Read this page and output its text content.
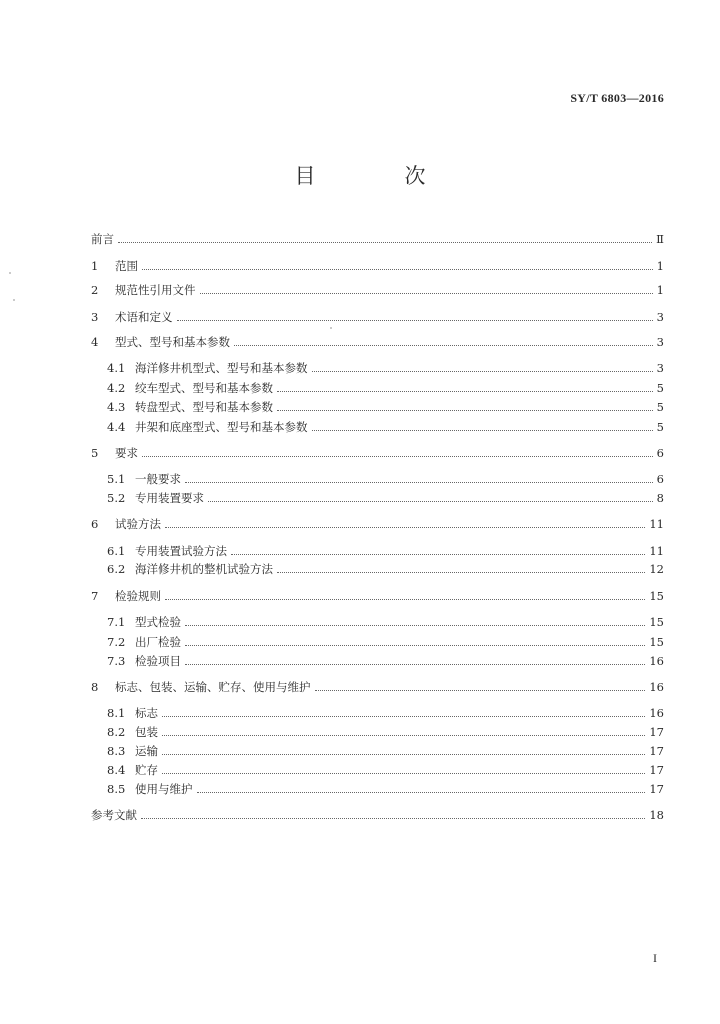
SY/T 6803—2016
目　次
前言	Ⅱ
1	范围	1
2	规范性引用文件	1
3	术语和定义	3
4	型式、型号和基本参数	3
4.1 海洋修井机型式、型号和基本参数	3
4.2 绞车型式、型号和基本参数	5
4.3 转盘型式、型号和基本参数	5
4.4 井架和底座型式、型号和基本参数	5
5	要求	6
5.1 一般要求	6
5.2 专用装置要求	8
6	试验方法	11
6.1 专用装置试验方法	11
6.2 海洋修井机的整机试验方法	12
7	检验规则	15
7.1 型式检验	15
7.2 出厂检验	15
7.3 检验项目	16
8	标志、包装、运输、贮存、使用与维护	16
8.1 标志	16
8.2 包装	17
8.3 运输	17
8.4 贮存	17
8.5 使用与维护	17
参考文献	18
I
